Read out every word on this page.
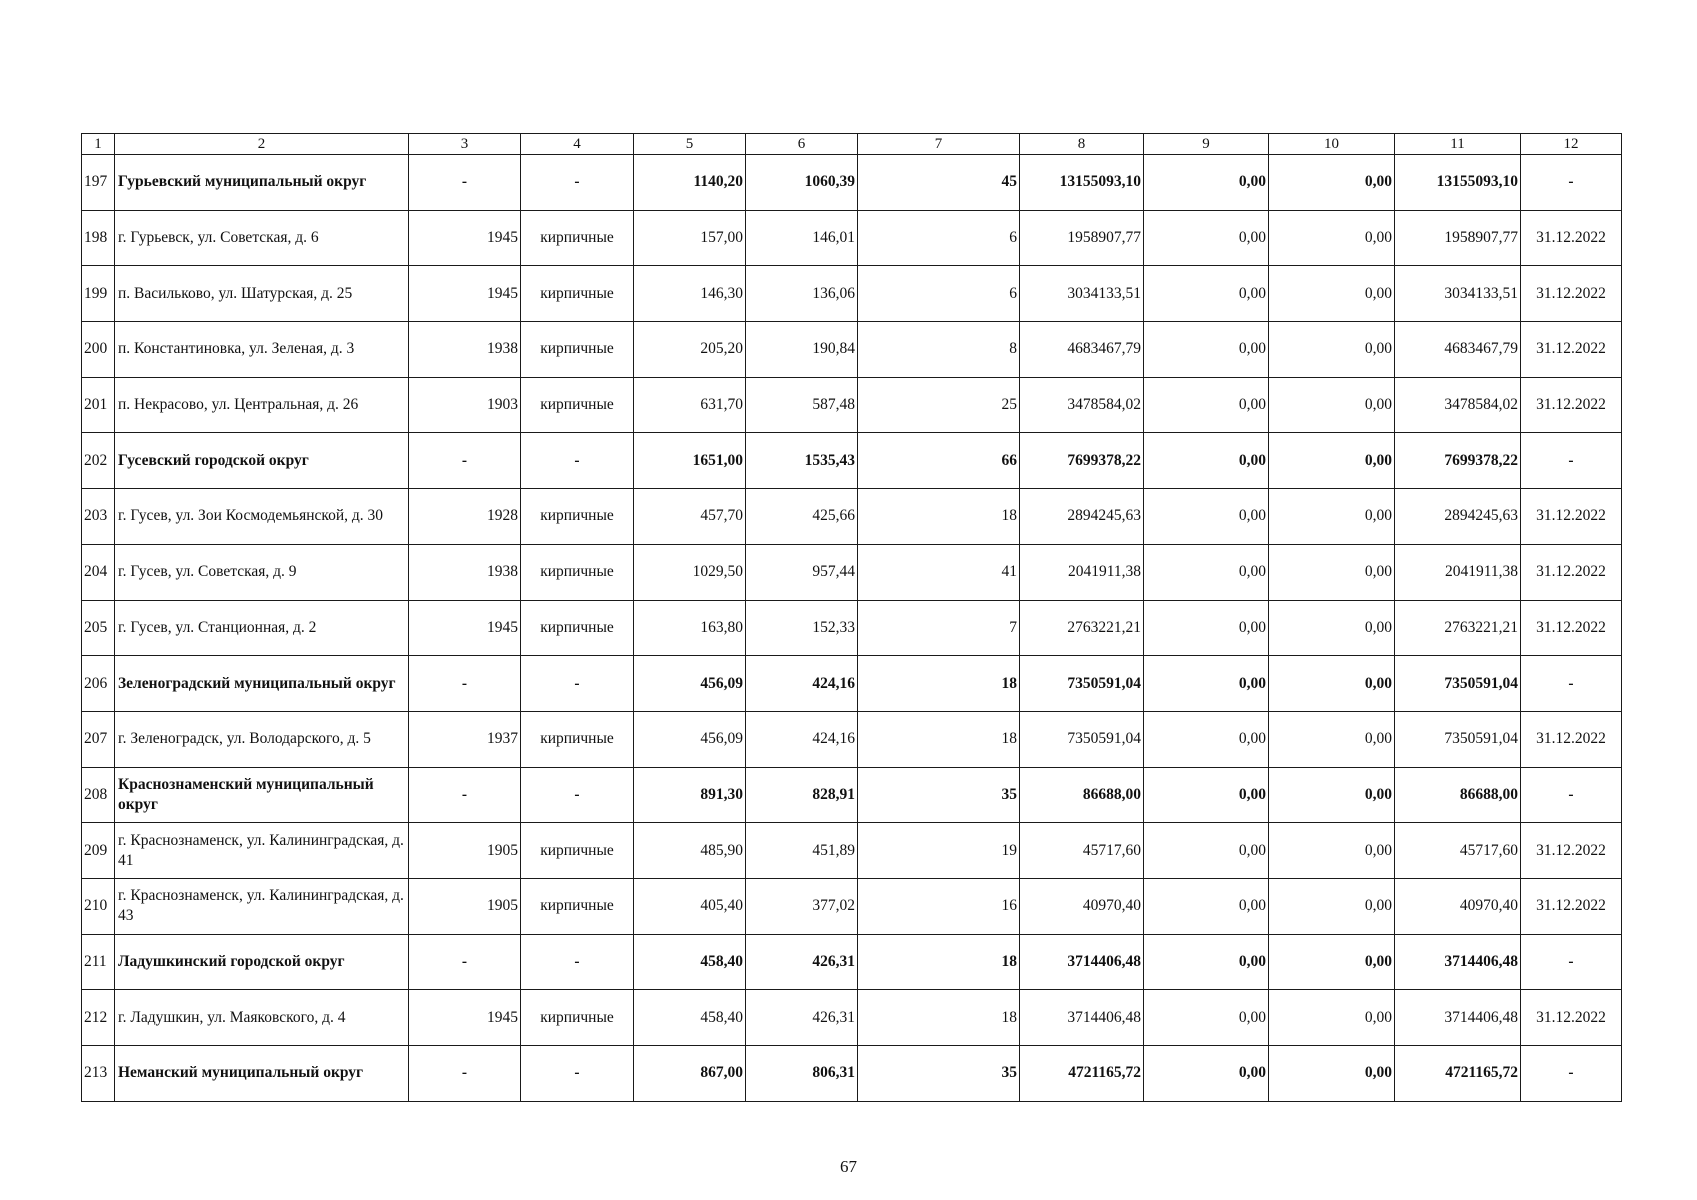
1	2	3	4	5	6	7	8	9	10	11	12
197	Гурьевский муниципальный округ	-	-	1140,20	1060,39	45	13155093,10	0,00	0,00	13155093,10	-
198	г. Гурьевск, ул. Советская, д. 6	1945	кирпичные	157,00	146,01	6	1958907,77	0,00	0,00	1958907,77	31.12.2022
199	п. Васильково, ул. Шатурская, д. 25	1945	кирпичные	146,30	136,06	6	3034133,51	0,00	0,00	3034133,51	31.12.2022
200	п. Константиновка, ул. Зеленая, д. 3	1938	кирпичные	205,20	190,84	8	4683467,79	0,00	0,00	4683467,79	31.12.2022
201	п. Некрасово, ул. Центральная, д. 26	1903	кирпичные	631,70	587,48	25	3478584,02	0,00	0,00	3478584,02	31.12.2022
202	Гусевский городской округ	-	-	1651,00	1535,43	66	7699378,22	0,00	0,00	7699378,22	-
203	г. Гусев, ул. Зои Космодемьянской, д. 30	1928	кирпичные	457,70	425,66	18	2894245,63	0,00	0,00	2894245,63	31.12.2022
204	г. Гусев, ул. Советская, д. 9	1938	кирпичные	1029,50	957,44	41	2041911,38	0,00	0,00	2041911,38	31.12.2022
205	г. Гусев, ул. Станционная, д. 2	1945	кирпичные	163,80	152,33	7	2763221,21	0,00	0,00	2763221,21	31.12.2022
206	Зеленоградский муниципальный округ	-	-	456,09	424,16	18	7350591,04	0,00	0,00	7350591,04	-
207	г. Зеленоградск, ул. Володарского, д. 5	1937	кирпичные	456,09	424,16	18	7350591,04	0,00	0,00	7350591,04	31.12.2022
208	Краснознаменский муниципальный округ	-	-	891,30	828,91	35	86688,00	0,00	0,00	86688,00	-
209	г. Краснознаменск, ул. Калининградская, д. 41	1905	кирпичные	485,90	451,89	19	45717,60	0,00	0,00	45717,60	31.12.2022
210	г. Краснознаменск, ул. Калининградская, д. 43	1905	кирпичные	405,40	377,02	16	40970,40	0,00	0,00	40970,40	31.12.2022
211	Ладушкинский городской округ	-	-	458,40	426,31	18	3714406,48	0,00	0,00	3714406,48	-
212	г. Ладушкин, ул. Маяковского, д. 4	1945	кирпичные	458,40	426,31	18	3714406,48	0,00	0,00	3714406,48	31.12.2022
213	Неманский муниципальный округ	-	-	867,00	806,31	35	4721165,72	0,00	0,00	4721165,72	-
67
